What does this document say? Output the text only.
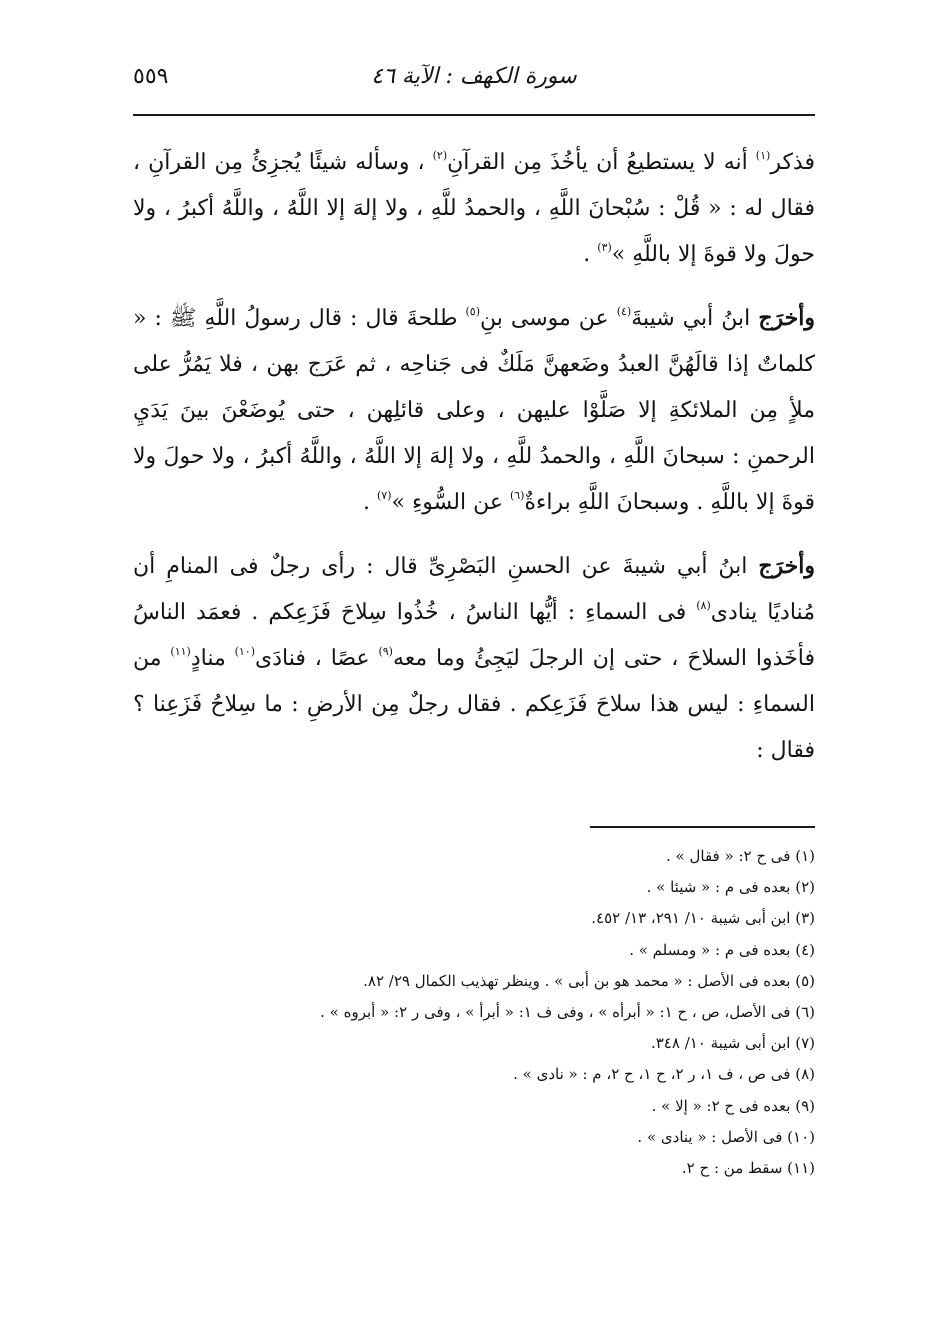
٥٥٩	سورة الكهف : الآية ٤٦

فذكر$^{(١)}$ أنه لا يستطيعُ أن يأخُذَ مِن القرآنِ$^{(٢)}$ ، وسأله شيئًا يُجزِئُ مِن القرآنِ ، فقال له : « قُلْ : سُبْحانَ اللَّهِ ، والحمدُ للَّهِ ، ولا إلهَ إلا اللَّهُ ، واللَّهُ أكبرُ ، ولا حولَ ولا قوةَ إلا باللَّهِ »$^{(٣)}$ .

وأخرَج ابنُ أبي شيبةَ$^{(٤)}$ عن موسى بنِ$^{(٥)}$ طلحةَ قال : قال رسولُ اللَّهِ ﷺ : « كلماتٌ إذا قالَهُنَّ العبدُ وضَعهنَّ مَلَكٌ فى جَناحِه ، ثم عَرَج بهن ، فلا يَمُرُّ على ملأٍ مِن الملائكةِ إلا صَلَّوْا عليهن ، وعلى قائلِهن ، حتى يُوضَعْنَ بينَ يَدَيِ الرحمنِ : سبحانَ اللَّهِ ، والحمدُ للَّهِ ، ولا إلهَ إلا اللَّهُ ، واللَّهُ أكبرُ ، ولا حولَ ولا قوةَ إلا باللَّهِ . وسبحانَ اللَّهِ براءةٌ$^{(٦)}$ عن السُّوءِ »$^{(٧)}$ .

وأخرَج ابنُ أبي شيبةَ عن الحسنِ البَصْرِىِّ قال : رأى رجلٌ فى المنامِ أن مُناديًا ينادى$^{(٨)}$ فى السماءِ : أيُّها الناسُ ، خُذُوا سِلاحَ فَزَعِكم . فعمَد الناسُ فأخَذوا السلاحَ ، حتى إن الرجلَ ليَجِئُ وما معه$^{(٩)}$ عصًا ، فنادَى$^{(١٠)}$ منادٍ$^{(١١)}$ من السماءِ : ليس هذا سلاحَ فَزَعِكم . فقال رجلٌ مِن الأرضِ : ما سِلاحُ فَزَعِنا ؟ فقال :

(١) فى ح ٢: « فقال » .
(٢) بعده فى م : « شيئا » .
(٣) ابن أبى شيبة ١٠/ ٢٩١، ١٣/ ٤٥٢.
(٤) بعده فى م : « ومسلم » .
(٥) بعده فى الأصل : « محمد هو بن أبى » . وينظر تهذيب الكمال ٢٩/ ٨٢.
(٦) فى الأصل، ص ، ح ١: « أبرأه » ، وفى ف ١: « أبرأ » ، وفى ر ٢: « أبروه » .
(٧) ابن أبى شيبة ١٠/ ٣٤٨.
(٨) فى ص ، ف ١، ر ٢، ح ١، ح ٢، م : « نادى » .
(٩) بعده فى ح ٢: « إلا » .
(١٠) فى الأصل : « ينادى » .
(١١) سقط من : ح ٢.
